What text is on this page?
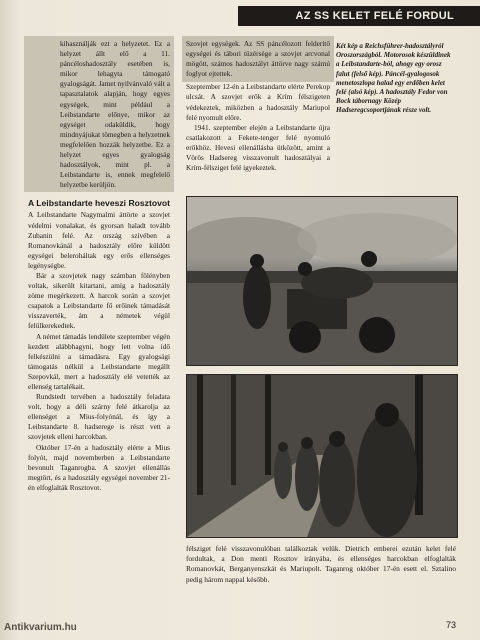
AZ SS KELET FELÉ FORDUL

kihasználják ezt a helyzetet. Ez a helyzet állt elő a 11. páncéloshadosztály esetében is, mikor lehagyta támogató gyalogságát. Jamet nyilvánvaló vált a tapasztalatok alapján, hogy egyes egységek, mint például a Leibstandarte előnye, mikor az egységet odaküldik, hogy mindnyájukat tömegben a helyzetnek megfelelően hozzák helyzetbe. Ez a helyzet egyes gyalogság hadosztályok, mint pl. a Leibstandarte is, ennek megfelelő helyzetbe kerüljön.

A Leibstandarte heveszi Rosztovot

A Leibstandarte Nagymalmi áttörte a szovjet védelmi vonalakat, és gyorsan haladt tovább Zubanin felé. Az ország szívében a Romanovkánál a hadosztály előre küldött egységei beleroháltak egy erős ellenséges legénységbe.

Bár a szovjetek nagy számban fölényben voltak, sikerült kitartani, amíg a hadosztály zöme megérkezett. A harcok során a szovjet csapatok a Leibstandarte fő erőinek támadását visszaverték, ám a németek végül felülkerekedtek.

A német támadás lendülete szeptember végén kezdett alábbhagyni, hogy lett volna idő felkészülni a támadásra. Egy gyalogsági támogatás nélkül a Leibstandarte megállt Szepovkál, mert a hadosztály elé vetették az ellenség tartalékait.

Rundstedt tervében a hadosztály feladata volt, hogy a déli szárny felé átkarolja az ellenséget a Mius-folyónál, és így a Leibstandarte 8. hadserege is részt vett a szovjetek elleni harcokban.

Október 17-én a hadosztály elérte a Mius folyót, majd novemberben a Leibstandarte bevonult Taganrogba. A szovjet ellenállás megtört, és a hadosztály egységei november 21-én elfoglalták Rosztovot.

Szovjet egységek. Az SS páncélozott felderítő egységei és tábori tüzérsége a szovjet arcvonal mögött, számos hadosztályt áttörve nagy számú foglyot ejtettek.

Szeptember 12-én a Leibstandarte elérte Perekop ulcsát. A szovjet erők a Krím félszigeten védekeztek, miközben a hadosztály Mariupol felé nyomult előre.

1941. szeptember elején a Leibstandarte újra csatlakozott a Fekete-tenger felé nyomuló erőkhöz. Hevesi ellenállásba ütközött, amint a Vörös Hadsereg visszavonult hadosztályai a Krím-félsziget felé igyekeztek.

Két kép a Reichsführer-hadosztályról Oroszországból. Motorosok készüldinek a Leibstandarte-ból, ahogy egy orosz falut (felső kép). Páncél-gyalogosok menetoszlopa halad egy erdőben kelet felé (alsó kép). A hadosztály Fedor von Bock tábornagy Közép Hadseregcsoportjának része volt.

félsziget felé visszavonulóban találkoztak velük. Dietrich emberei ezután kelet felé fordultak, a Don menti Rosztov irányába, és ellenséges harcokban elfoglalták Romanovkát, Berganyenszkát és Mariupolt. Taganrog október 17-én esett el. Sztalino pedig három nappal később.

73
Antikvarium.hu
